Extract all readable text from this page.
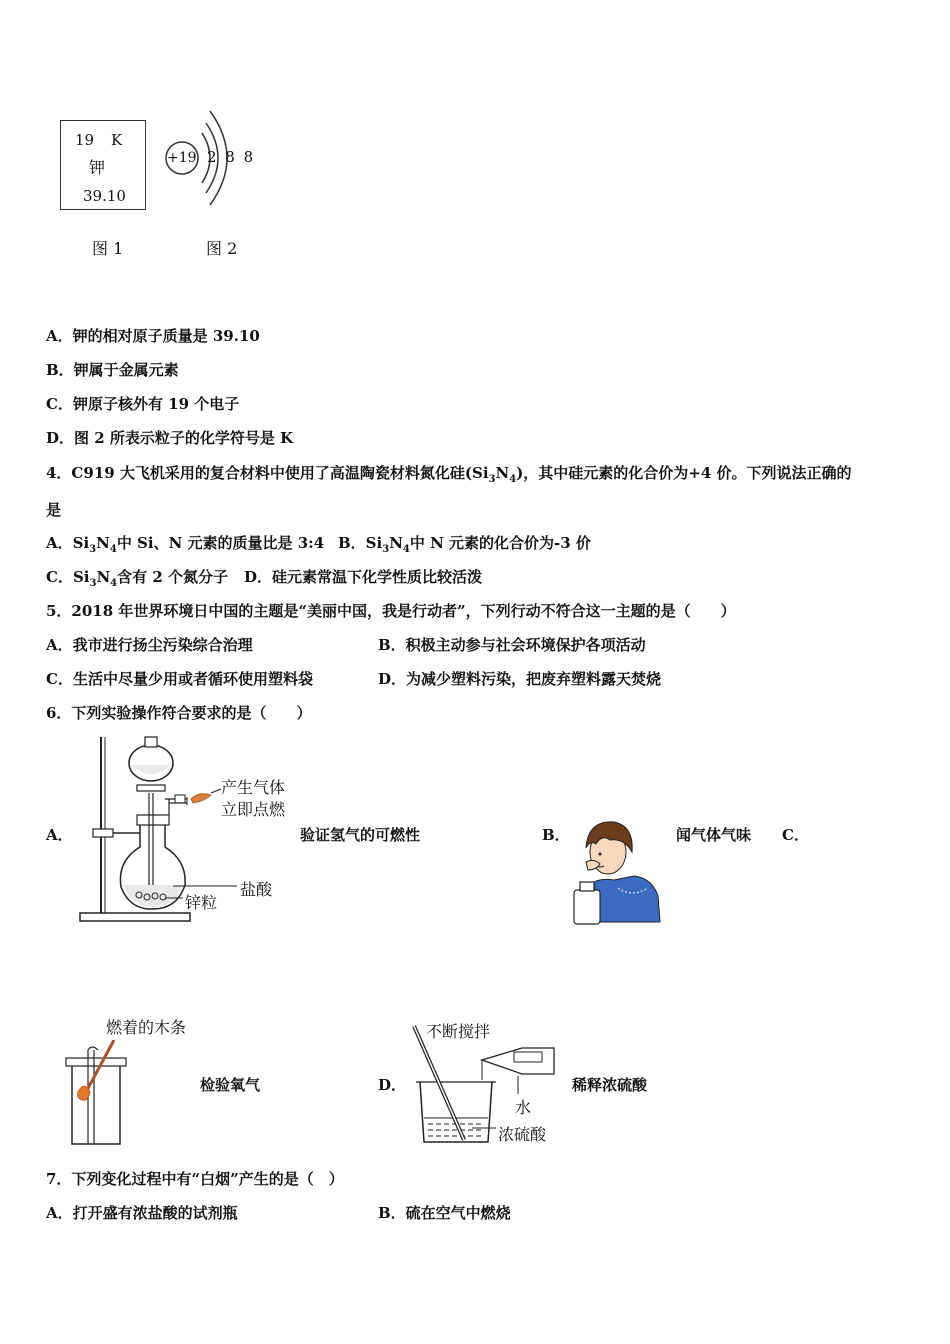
19 K
钾
39.10
图 1
+19 2 8 8
图 2
A．钾的相对原子质量是 39.10
B．钾属于金属元素
C．钾原子核外有 19 个电子
D．图 2 所表示粒子的化学符号是 K
4．C919 大飞机采用的复合材料中使用了高温陶瓷材料氮化硅$(Si_3N_4)$，其中硅元素的化合价为+4 价。下列说法正确的
是
A．$Si_3N_4$中 Si、N 元素的质量比是 3:4 B．$Si_3N_4$中 N 元素的化合价为-3 价
C．$Si_3N_4$含有 2 个氮分子 D．硅元素常温下化学性质比较活泼
5．2018 年世界环境日中国的主题是“美丽中国，我是行动者”，下列行动不符合这一主题的是（　　）
A．我市进行扬尘污染综合治理	B．积极主动参与社会环境保护各项活动
C．生活中尽量少用或者循环使用塑料袋	D．为减少塑料污染，把废弃塑料露天焚烧
6．下列实验操作符合要求的是（　　）
A．
产生气体
立即点燃
盐酸
锌粒
验证氢气的可燃性	B．	闻气体气味 C．
燃着的木条
检验氧气	D．
不断搅拌
水
浓硫酸
稀释浓硫酸
7．下列变化过程中有“白烟”产生的是（　）
A．打开盛有浓盐酸的试剂瓶	B．硫在空气中燃烧
